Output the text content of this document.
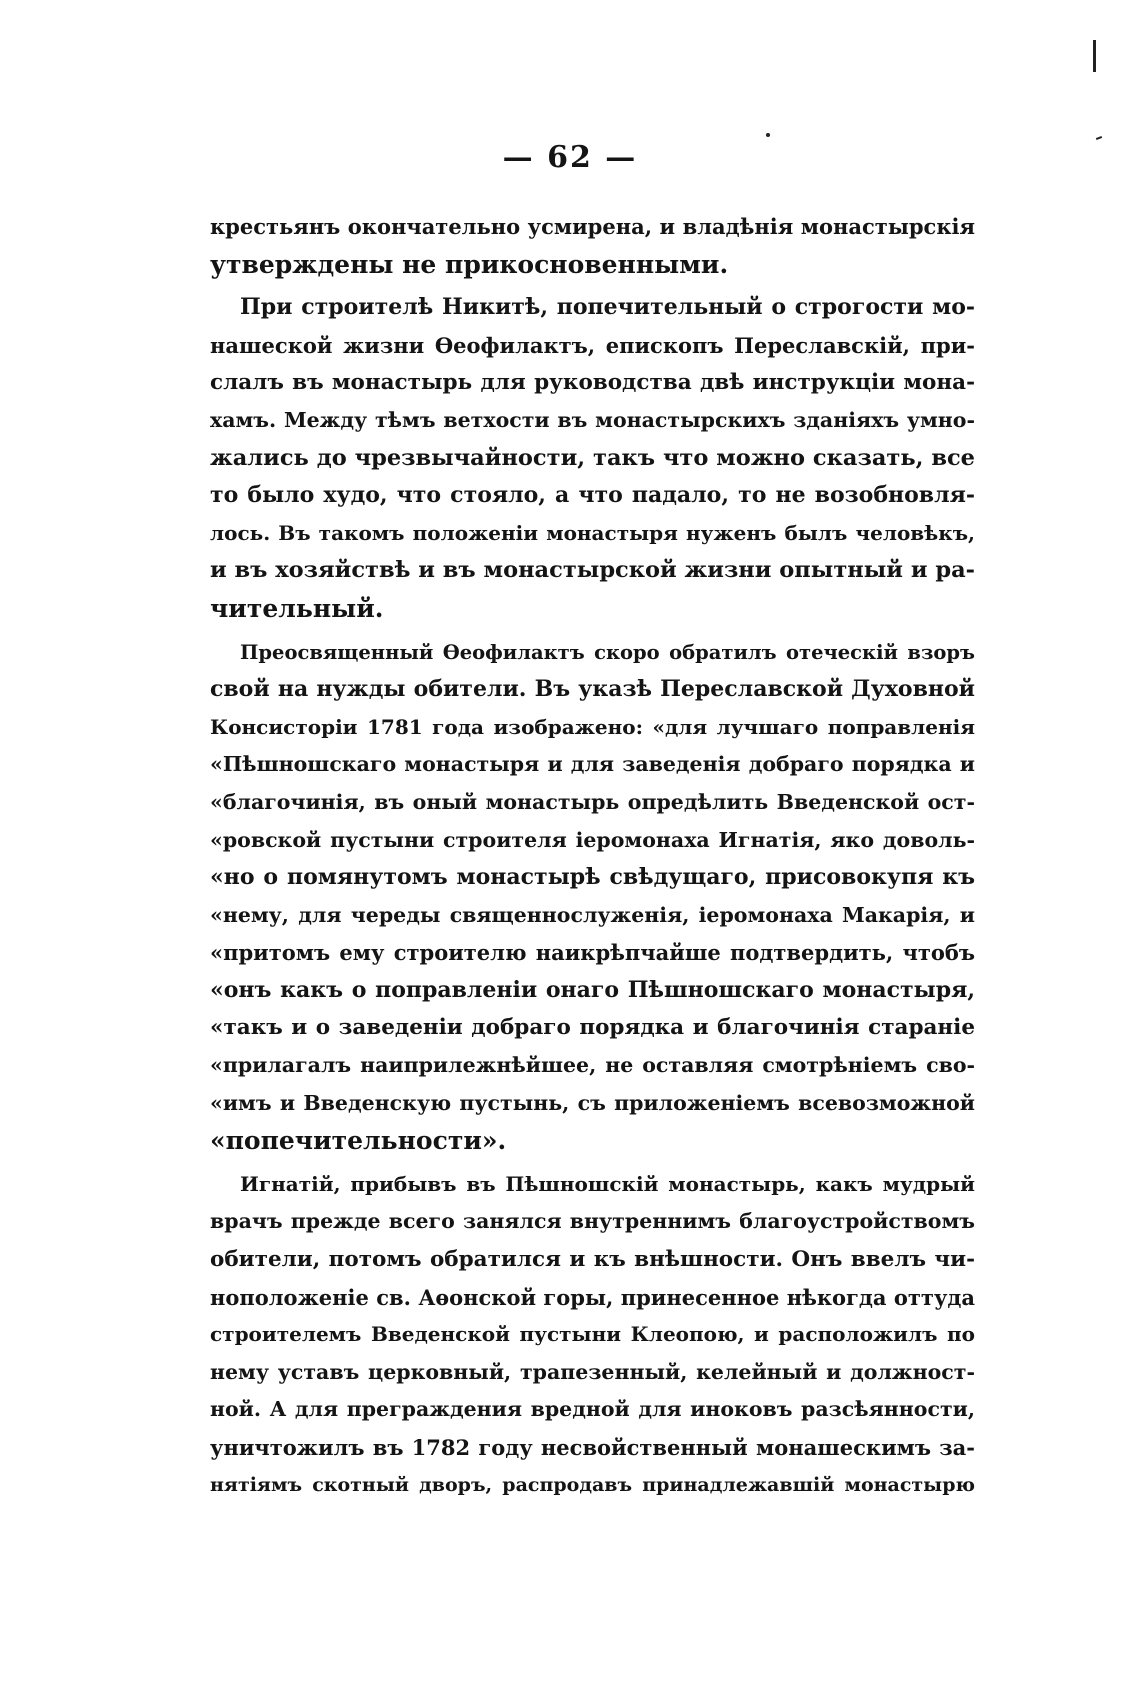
— 62 —
крестьянъ окончательно усмирена, и владѣнія монастырскія
утверждены не прикосновенными.
При строителѣ Никитѣ, попечительный о строгости мо-
нашеской жизни Ѳеофилактъ, епископъ Переславскій, при-
слалъ въ монастырь для руководства двѣ инструкціи мона-
хамъ. Между тѣмъ ветхости въ монастырскихъ зданіяхъ умно-
жались до чрезвычайности, такъ что можно сказать, все
то было худо, что стояло, а что падало, то не возобновля-
лось. Въ такомъ положеніи монастыря нуженъ былъ человѣкъ,
и въ хозяйствѣ и въ монастырской жизни опытный и ра-
чительный.
Преосвященный Ѳеофилактъ скоро обратилъ отеческій взоръ
свой на нужды обители. Въ указѣ Переславской Духовной
Консисторіи 1781 года изображено: «для лучшаго поправленія
«Пѣшношскаго монастыря и для заведенія добраго порядка и
«благочинія, въ оный монастырь опредѣлить Введенской ост-
«ровской пустыни строителя іеромонаха Игнатія, яко доволь-
«но о помянутомъ монастырѣ свѣдущаго, присовокупя къ
«нему, для череды священнослуженія, іеромонаха Макарія, и
«притомъ ему строителю наикрѣпчайше подтвердить, чтобъ
«онъ какъ о поправленіи онаго Пѣшношскаго монастыря,
«такъ и о заведеніи добраго порядка и благочинія стараніе
«прилагалъ наиприлежнѣйшее, не оставляя смотрѣніемъ сво-
«имъ и Введенскую пустынь, съ приложеніемъ всевозможной
«попечительности».
Игнатій, прибывъ въ Пѣшношскій монастырь, какъ мудрый
врачъ прежде всего занялся внутреннимъ благоустройствомъ
обители, потомъ обратился и къ внѣшности. Онъ ввелъ чи-
ноположеніе св. Аѳонской горы, принесенное нѣкогда оттуда
строителемъ Введенской пустыни Клеопою, и расположилъ по
нему уставъ церковный, трапезенный, келейный и должност-
ной. А для преграждения вредной для иноковъ разсѣянности,
уничтожилъ въ 1782 году несвойственный монашескимъ за-
нятіямъ скотный дворъ, распродавъ принадлежавшій монастырю
